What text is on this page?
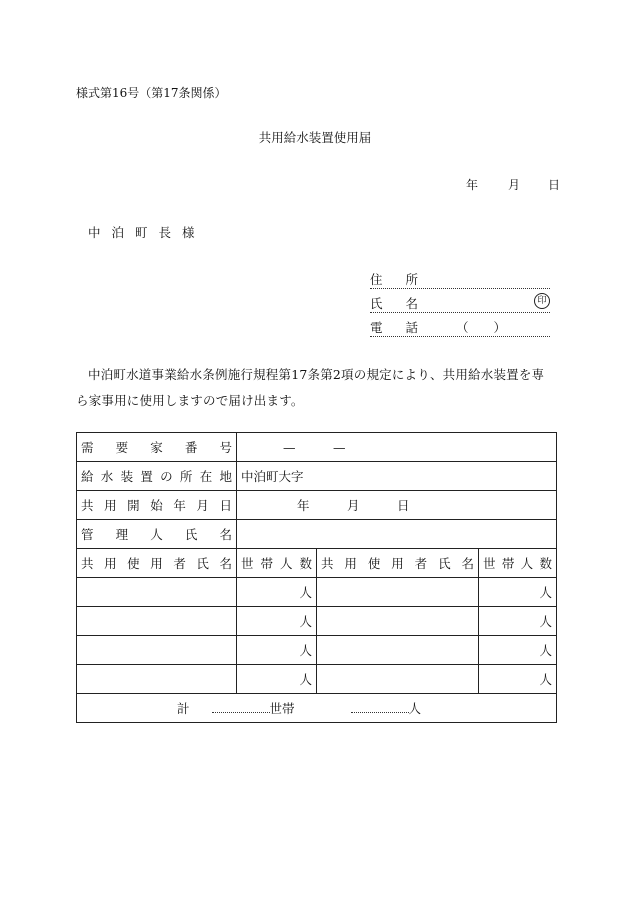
様式第16号（第17条関係）
共用給水装置使用届
年	月 日
中泊町長様
住所
氏名	印
電話 （ ）
中泊町水道事業給水条例施行規程第17条第2項の規定により、共用給水装置を専ら家事用に使用しますので届け出ます。
需要家番号	—　　　—		
給水装置の所在地	中泊町大字		
共用開始年月日	年　　　月　　　日		
管理人氏名			
共用使用者氏名	世帯人数	共用使用者氏名	世帯人数
	人		人
	人		人
	人		人
	人		人
計 世帯 人			
